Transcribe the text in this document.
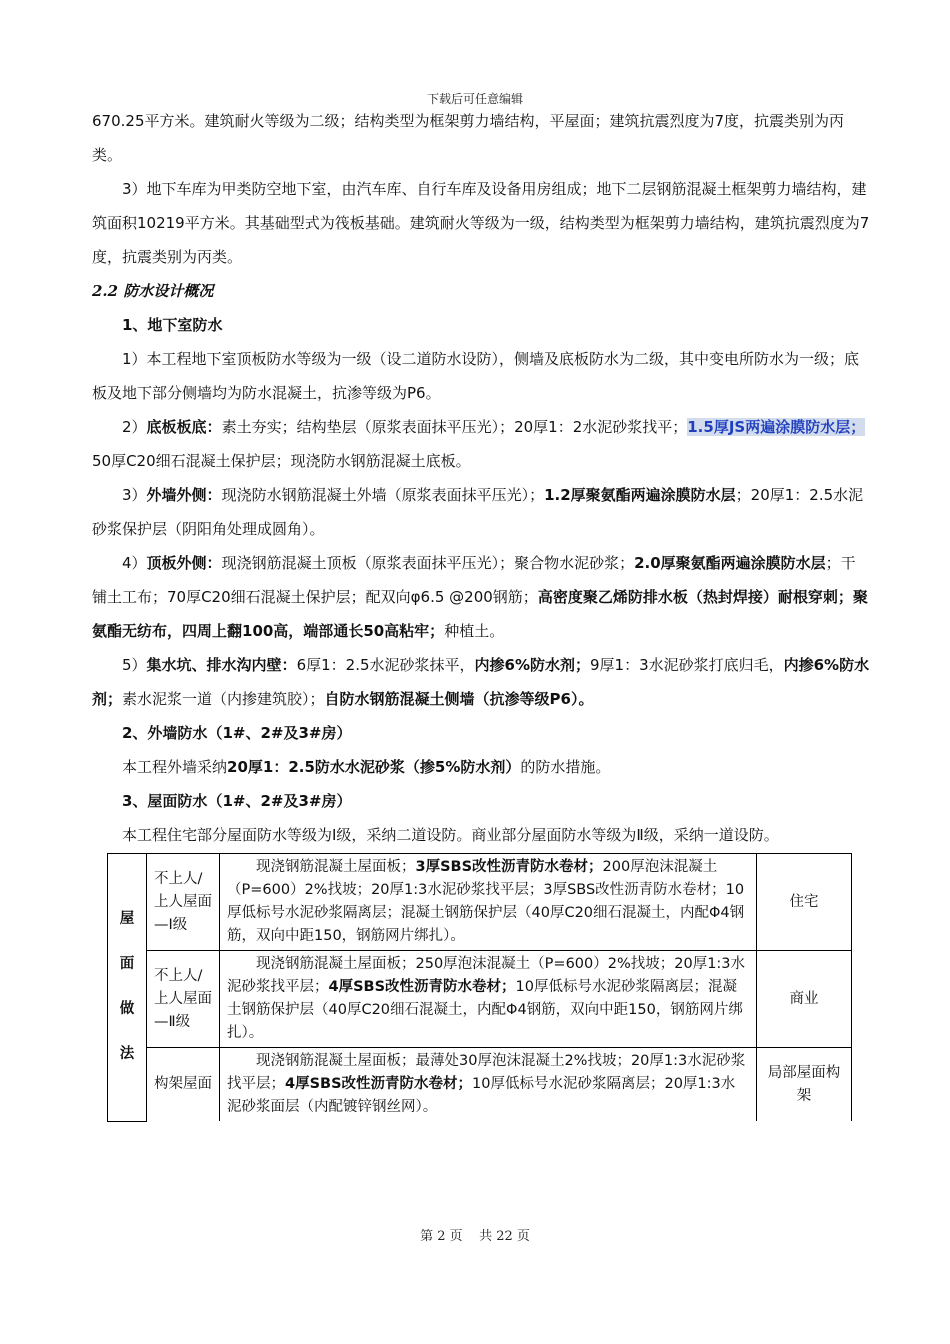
下载后可任意编辑

670.25平方米。建筑耐火等级为二级；结构类型为框架剪力墙结构，平屋面；建筑抗震烈度为7度，抗震类别为丙类。

3）地下车库为甲类防空地下室，由汽车库、自行车库及设备用房组成；地下二层钢筋混凝土框架剪力墙结构，建筑面积10219平方米。其基础型式为筏板基础。建筑耐火等级为一级，结构类型为框架剪力墙结构，建筑抗震烈度为7度，抗震类别为丙类。

2.2 防水设计概况

1、地下室防水

1）本工程地下室顶板防水等级为一级（设二道防水设防），侧墙及底板防水为二级，其中变电所防水为一级；底板及地下部分侧墙均为防水混凝土，抗渗等级为P6。

2）底板板底：素土夯实；结构垫层（原浆表面抹平压光）；20厚1：2水泥砂浆找平；1.5厚JS两遍涂膜防水层；50厚C20细石混凝土保护层；现浇防水钢筋混凝土底板。

3）外墙外侧：现浇防水钢筋混凝土外墙（原浆表面抹平压光）；1.2厚聚氨酯两遍涂膜防水层；20厚1：2.5水泥砂浆保护层（阴阳角处理成圆角）。

4）顶板外侧：现浇钢筋混凝土顶板（原浆表面抹平压光）；聚合物水泥砂浆；2.0厚聚氨酯两遍涂膜防水层；干铺土工布；70厚C20细石混凝土保护层；配双向φ6.5 @200钢筋；高密度聚乙烯防排水板（热封焊接）耐根穿刺；聚氨酯无纺布，四周上翻100高，端部通长50高粘牢；种植土。

5）集水坑、排水沟内壁：6厚1：2.5水泥砂浆抹平，内掺6%防水剂；9厚1：3水泥砂浆打底归毛，内掺6%防水剂；素水泥浆一道（内掺建筑胶）；自防水钢筋混凝土侧墙（抗渗等级P6）。

2、外墙防水（1#、2#及3#房）

本工程外墙采纳20厚1：2.5防水水泥砂浆（掺5%防水剂）的防水措施。

3、屋面防水（1#、2#及3#房）

本工程住宅部分屋面防水等级为Ⅰ级，采纳二道设防。商业部分屋面防水等级为Ⅱ级，采纳一道设防。

屋
面
做
法	不上人/上人屋面—Ⅰ级	现浇钢筋混凝土屋面板；3厚SBS改性沥青防水卷材；200厚泡沫混凝土（P=600）2%找坡；20厚1:3水泥砂浆找平层；3厚SBS改性沥青防水卷材；10厚低标号水泥砂浆隔离层；混凝土钢筋保护层（40厚C20细石混凝土，内配Φ4钢筋，双向中距150，钢筋网片绑扎）。	住宅
	不上人/上人屋面—Ⅱ级	现浇钢筋混凝土屋面板；250厚泡沫混凝土（P=600）2%找坡；20厚1:3水泥砂浆找平层；4厚SBS改性沥青防水卷材；10厚低标号水泥砂浆隔离层；混凝土钢筋保护层（40厚C20细石混凝土，内配Φ4钢筋，双向中距150，钢筋网片绑扎）。	商业
	构架屋面	现浇钢筋混凝土屋面板；最薄处30厚泡沫混凝土2%找坡；20厚1:3水泥砂浆找平层；4厚SBS改性沥青防水卷材；10厚低标号水泥砂浆隔离层；20厚1:3水泥砂浆面层（内配镀锌钢丝网）。	局部屋面构架
第 2 页    共 22 页
